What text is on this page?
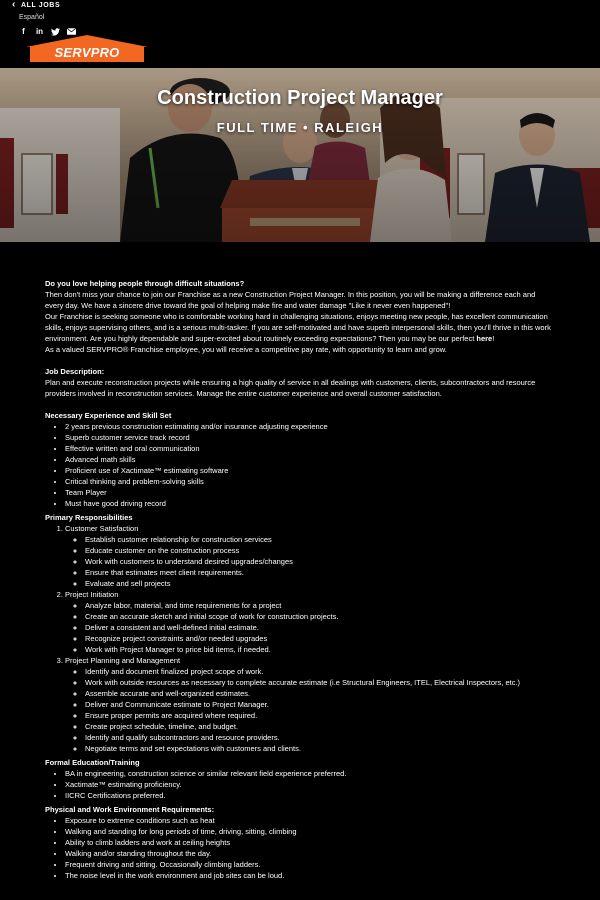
‹ ALL JOBS
Español
f	in
SERVPRO
Construction Project Manager
FULL TIME • RALEIGH

Do you love helping people through difficult situations?

Then don't miss your chance to join our Franchise as a new Construction Project Manager. In this position, you will be making a difference each and every day. We have a sincere drive toward the goal of helping make fire and water damage "Like it never even happened"!

Our Franchise is seeking someone who is comfortable working hard in challenging situations, enjoys meeting new people, has excellent communication skills, enjoys supervising others, and is a serious multi-tasker. If you are self-motivated and have superb interpersonal skills, then you'll thrive in this work environment. Are you highly dependable and super-excited about routinely exceeding expectations? Then you may be our perfect here!

As a valued SERVPRO® Franchise employee, you will receive a competitive pay rate, with opportunity to learn and grow.

Job Description:

Plan and execute reconstruction projects while ensuring a high quality of service in all dealings with customers, clients, subcontractors and resource providers involved in reconstruction services. Manage the entire customer experience and overall customer satisfaction.

Necessary Experience and Skill Set

• 2 years previous construction estimating and/or insurance adjusting experience
• Superb customer service track record
• Effective written and oral communication
• Advanced math skills
• Proficient use of Xactimate™ estimating software
• Critical thinking and problem-solving skills
• Team Player
• Must have good driving record

Primary Responsibilities

1. Customer Satisfaction
◦ Establish customer relationship for construction services
◦ Educate customer on the construction process
◦ Work with customers to understand desired upgrades/changes
◦ Ensure that estimates meet client requirements.
◦ Evaluate and sell projects
2. Project Initiation
◦ Analyze labor, material, and time requirements for a project
◦ Create an accurate sketch and initial scope of work for construction projects.
◦ Deliver a consistent and well-defined initial estimate.
◦ Recognize project constraints and/or needed upgrades
◦ Work with Project Manager to price bid items, if needed.
3. Project Planning and Management
◦ Identify and document finalized project scope of work.
◦ Work with outside resources as necessary to complete accurate estimate (i.e Structural Engineers, ITEL, Electrical Inspectors, etc.)
◦ Assemble accurate and well-organized estimates.
◦ Deliver and Communicate estimate to Project Manager.
◦ Ensure proper permits are acquired where required.
◦ Create project schedule, timeline, and budget.
◦ Identify and qualify subcontractors and resource providers.
◦ Negotiate terms and set expectations with customers and clients.

Formal Education/Training

• BA in engineering, construction science or similar relevant field experience preferred.
• Xactimate™ estimating proficiency.
• IICRC Certifications preferred.

Physical and Work Environment Requirements:

• Exposure to extreme conditions such as heat
• Walking and standing for long periods of time, driving, sitting, climbing
• Ability to climb ladders and work at ceiling heights
• Walking and/or standing throughout the day.
• Frequent driving and sitting. Occasionally climbing ladders.
• The noise level in the work environment and job sites can be loud.
